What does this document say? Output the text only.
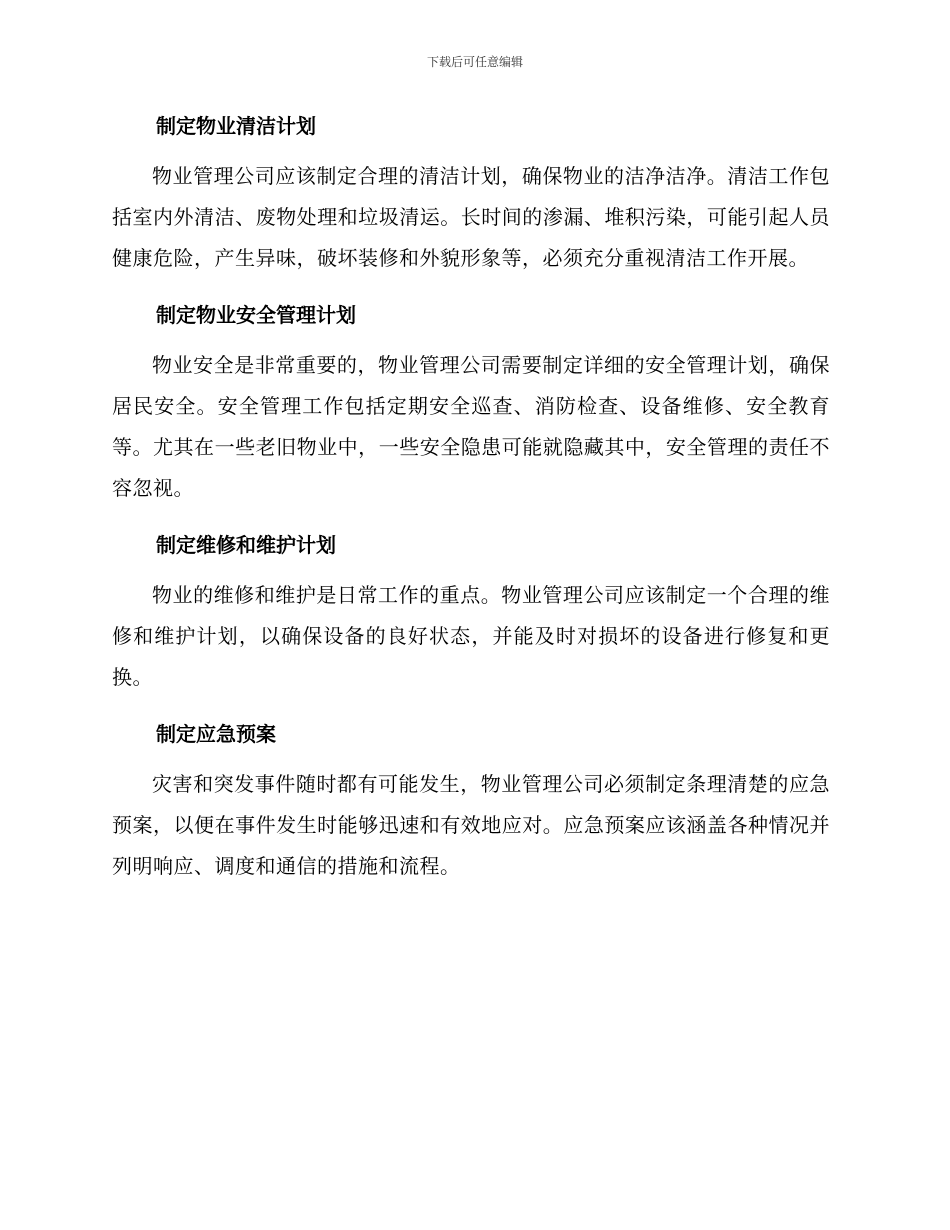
下载后可任意编辑
制定物业清洁计划

物业管理公司应该制定合理的清洁计划，确保物业的洁净洁净。清洁工作包括室内外清洁、废物处理和垃圾清运。长时间的渗漏、堆积污染，可能引起人员健康危险，产生异味，破坏装修和外貌形象等，必须充分重视清洁工作开展。

制定物业安全管理计划

物业安全是非常重要的，物业管理公司需要制定详细的安全管理计划，确保居民安全。安全管理工作包括定期安全巡查、消防检查、设备维修、安全教育等。尤其在一些老旧物业中，一些安全隐患可能就隐藏其中，安全管理的责任不容忽视。

制定维修和维护计划

物业的维修和维护是日常工作的重点。物业管理公司应该制定一个合理的维修和维护计划，以确保设备的良好状态，并能及时对损坏的设备进行修复和更换。

制定应急预案

灾害和突发事件随时都有可能发生，物业管理公司必须制定条理清楚的应急预案，以便在事件发生时能够迅速和有效地应对。应急预案应该涵盖各种情况并列明响应、调度和通信的措施和流程。
